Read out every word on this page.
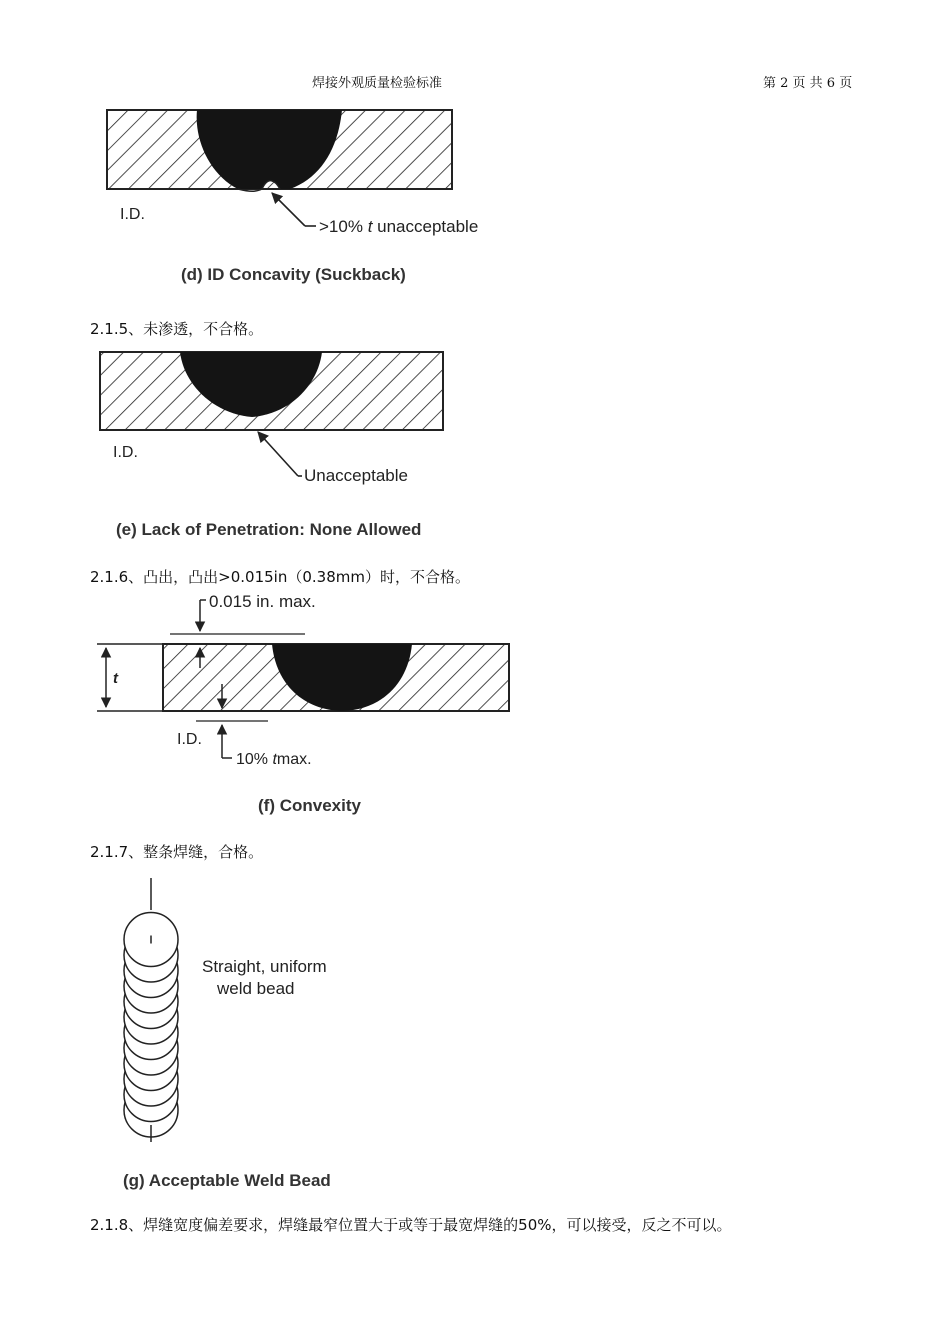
焊接外观质量检验标准	第 2 页 共 6 页
2.1.5、未渗透，不合格。
2.1.6、凸出，凸出>0.015in（0.38mm）时，不合格。
2.1.7、整条焊缝，合格。
2.1.8、焊缝宽度偏差要求，焊缝最窄位置大于或等于最宽焊缝的50%，可以接受，反之不可以。
I.D.
>10% t unacceptable
(d) ID Concavity (Suckback)
I.D.
Unacceptable
(e) Lack of Penetration: None Allowed
t
0.015 in. max.
I.D.
10% tmax.
(f) Convexity
Straight, uniform
weld bead
(g) Acceptable Weld Bead
